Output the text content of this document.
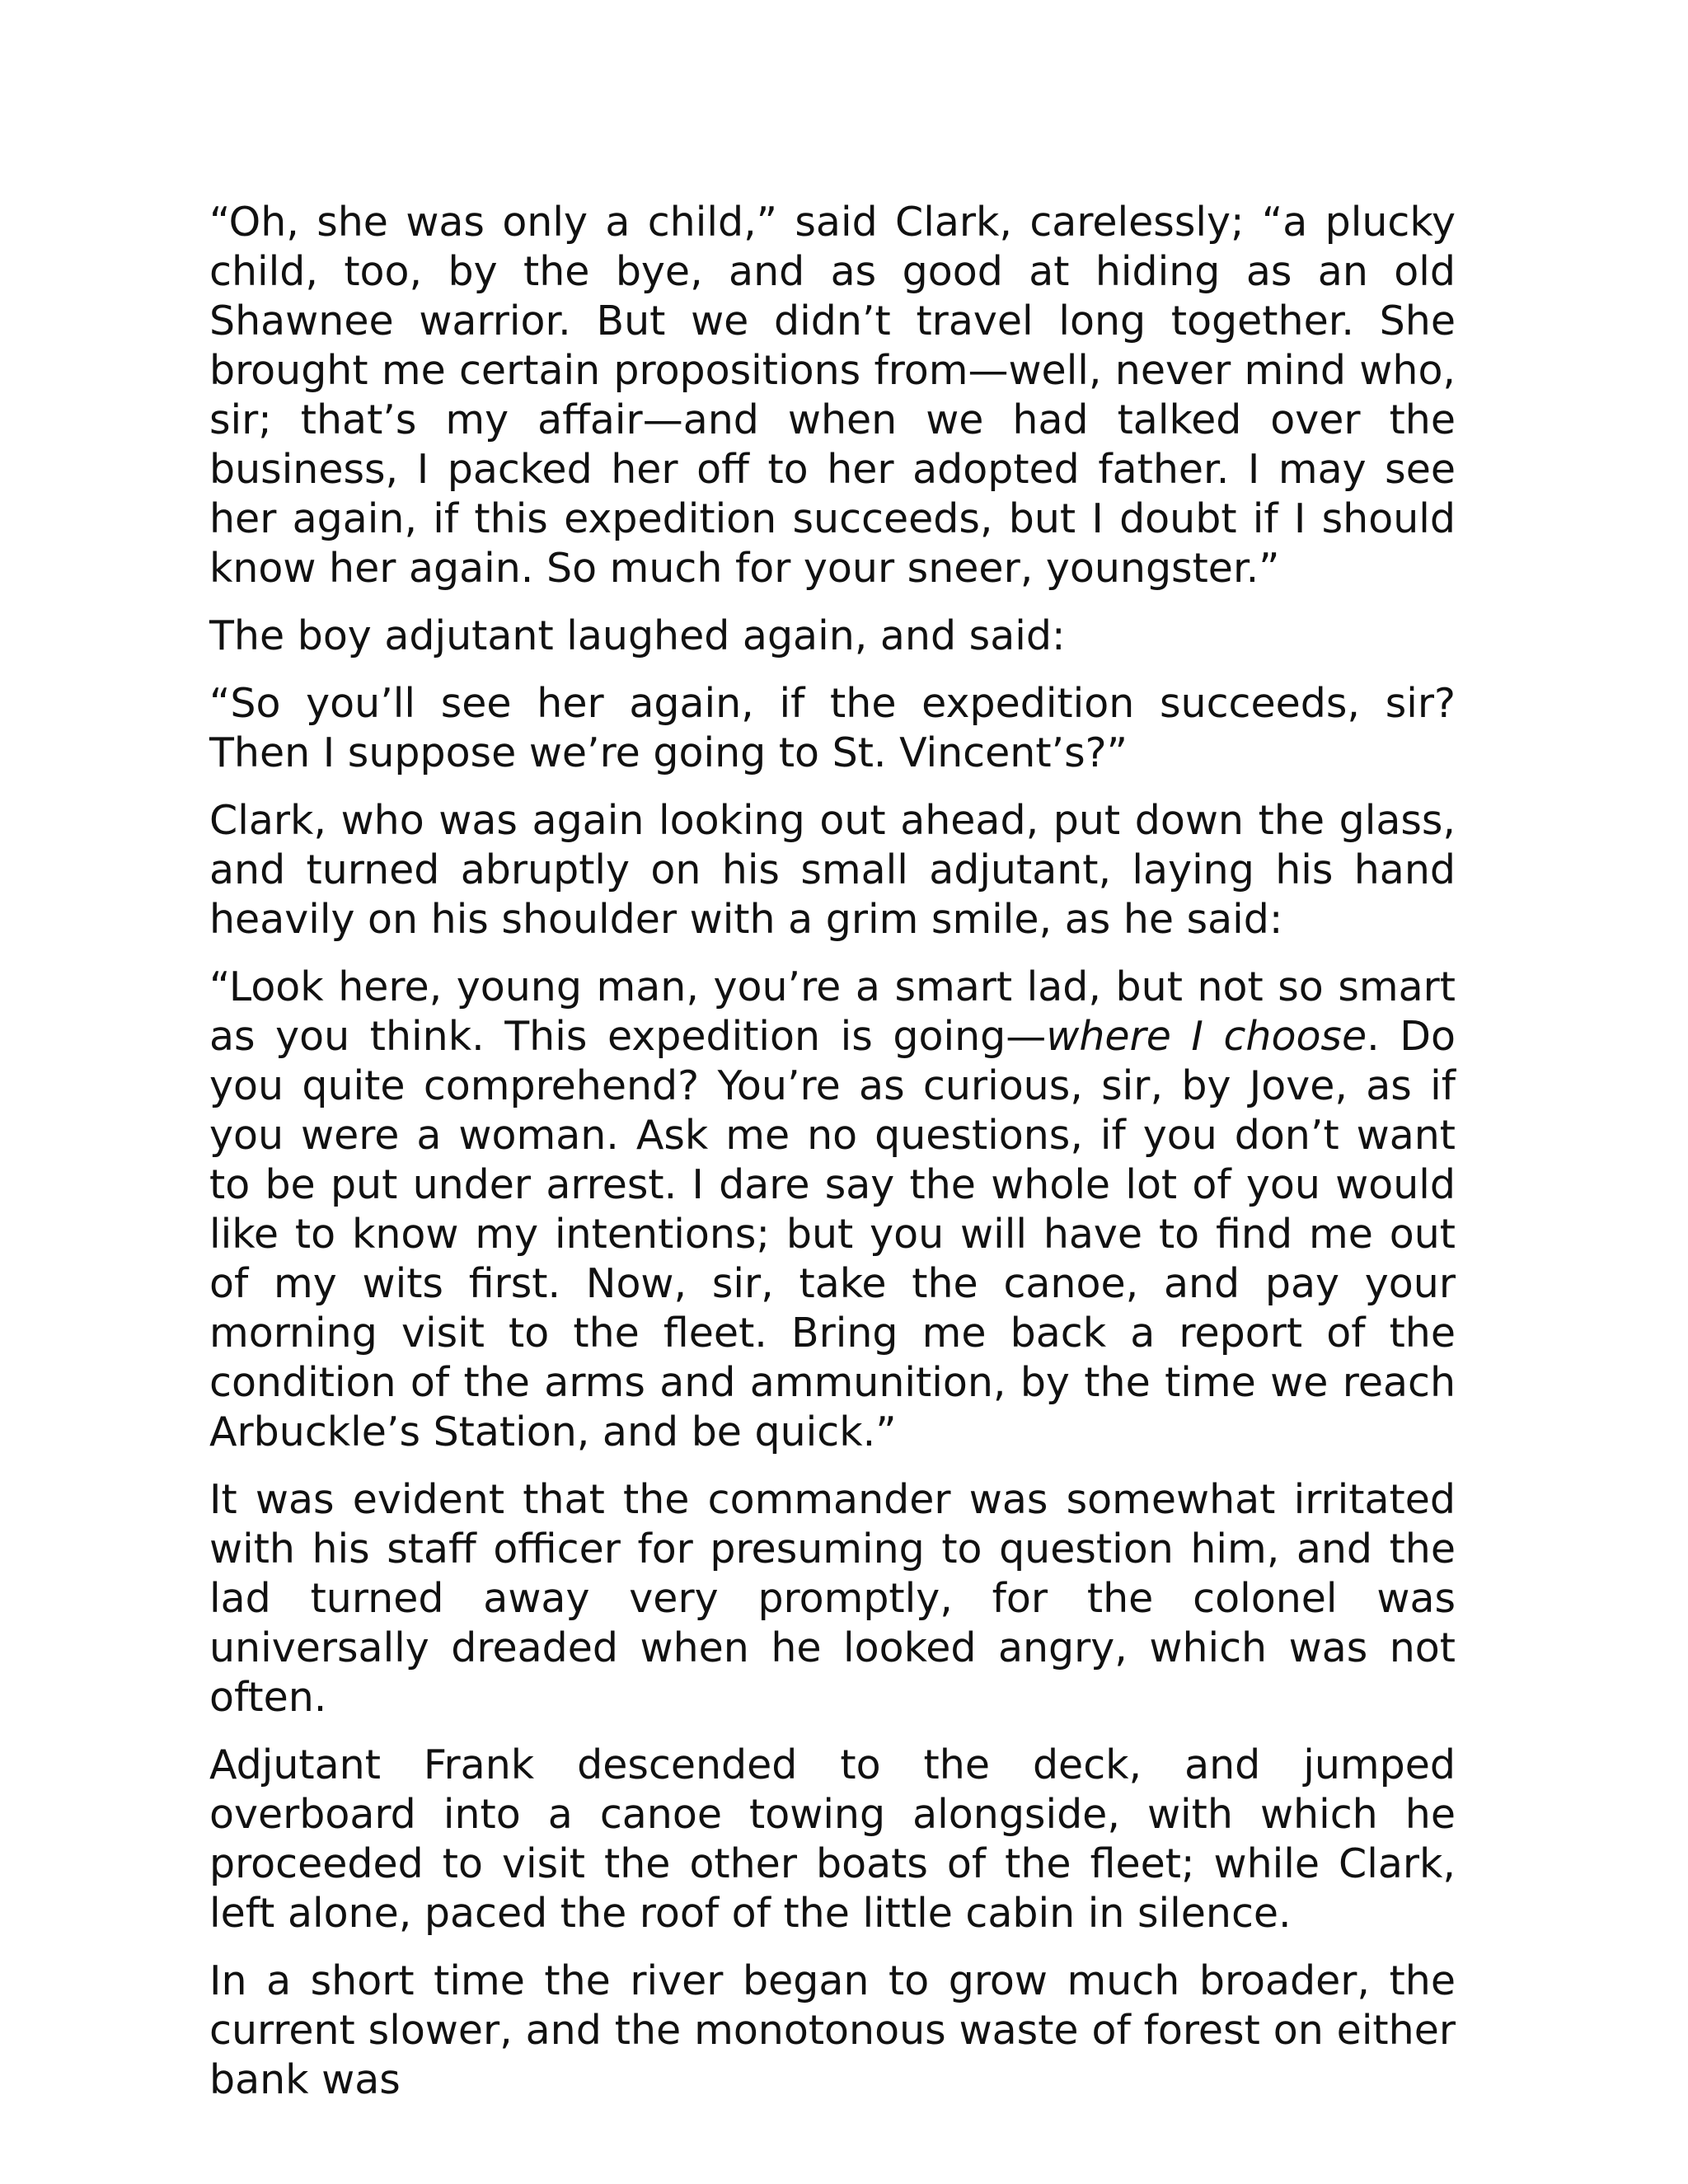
“Oh, she was only a child,” said Clark, carelessly; “a plucky child, too, by the bye, and as good at hiding as an old Shawnee warrior. But we didn’t travel long together. She brought me certain propositions from—well, never mind who, sir; that’s my affair—and when we had talked over the business, I packed her off to her adopted father. I may see her again, if this expedition succeeds, but I doubt if I should know her again. So much for your sneer, youngster.”

The boy adjutant laughed again, and said:

“So you’ll see her again, if the expedition succeeds, sir? Then I suppose we’re going to St. Vincent’s?”

Clark, who was again looking out ahead, put down the glass, and turned abruptly on his small adjutant, laying his hand heavily on his shoulder with a grim smile, as he said:

“Look here, young man, you’re a smart lad, but not so smart as you think. This expedition is going—where I choose. Do you quite comprehend? You’re as curious, sir, by Jove, as if you were a woman. Ask me no questions, if you don’t want to be put under arrest. I dare say the whole lot of you would like to know my intentions; but you will have to find me out of my wits first. Now, sir, take the canoe, and pay your morning visit to the fleet. Bring me back a report of the condition of the arms and ammunition, by the time we reach Arbuckle’s Station, and be quick.”

It was evident that the commander was somewhat irritated with his staff officer for presuming to question him, and the lad turned away very promptly, for the colonel was universally dreaded when he looked angry, which was not often.

Adjutant Frank descended to the deck, and jumped overboard into a canoe towing alongside, with which he proceeded to visit the other boats of the fleet; while Clark, left alone, paced the roof of the little cabin in silence.

In a short time the river began to grow much broader, the current slower, and the monotonous waste of forest on either bank was
